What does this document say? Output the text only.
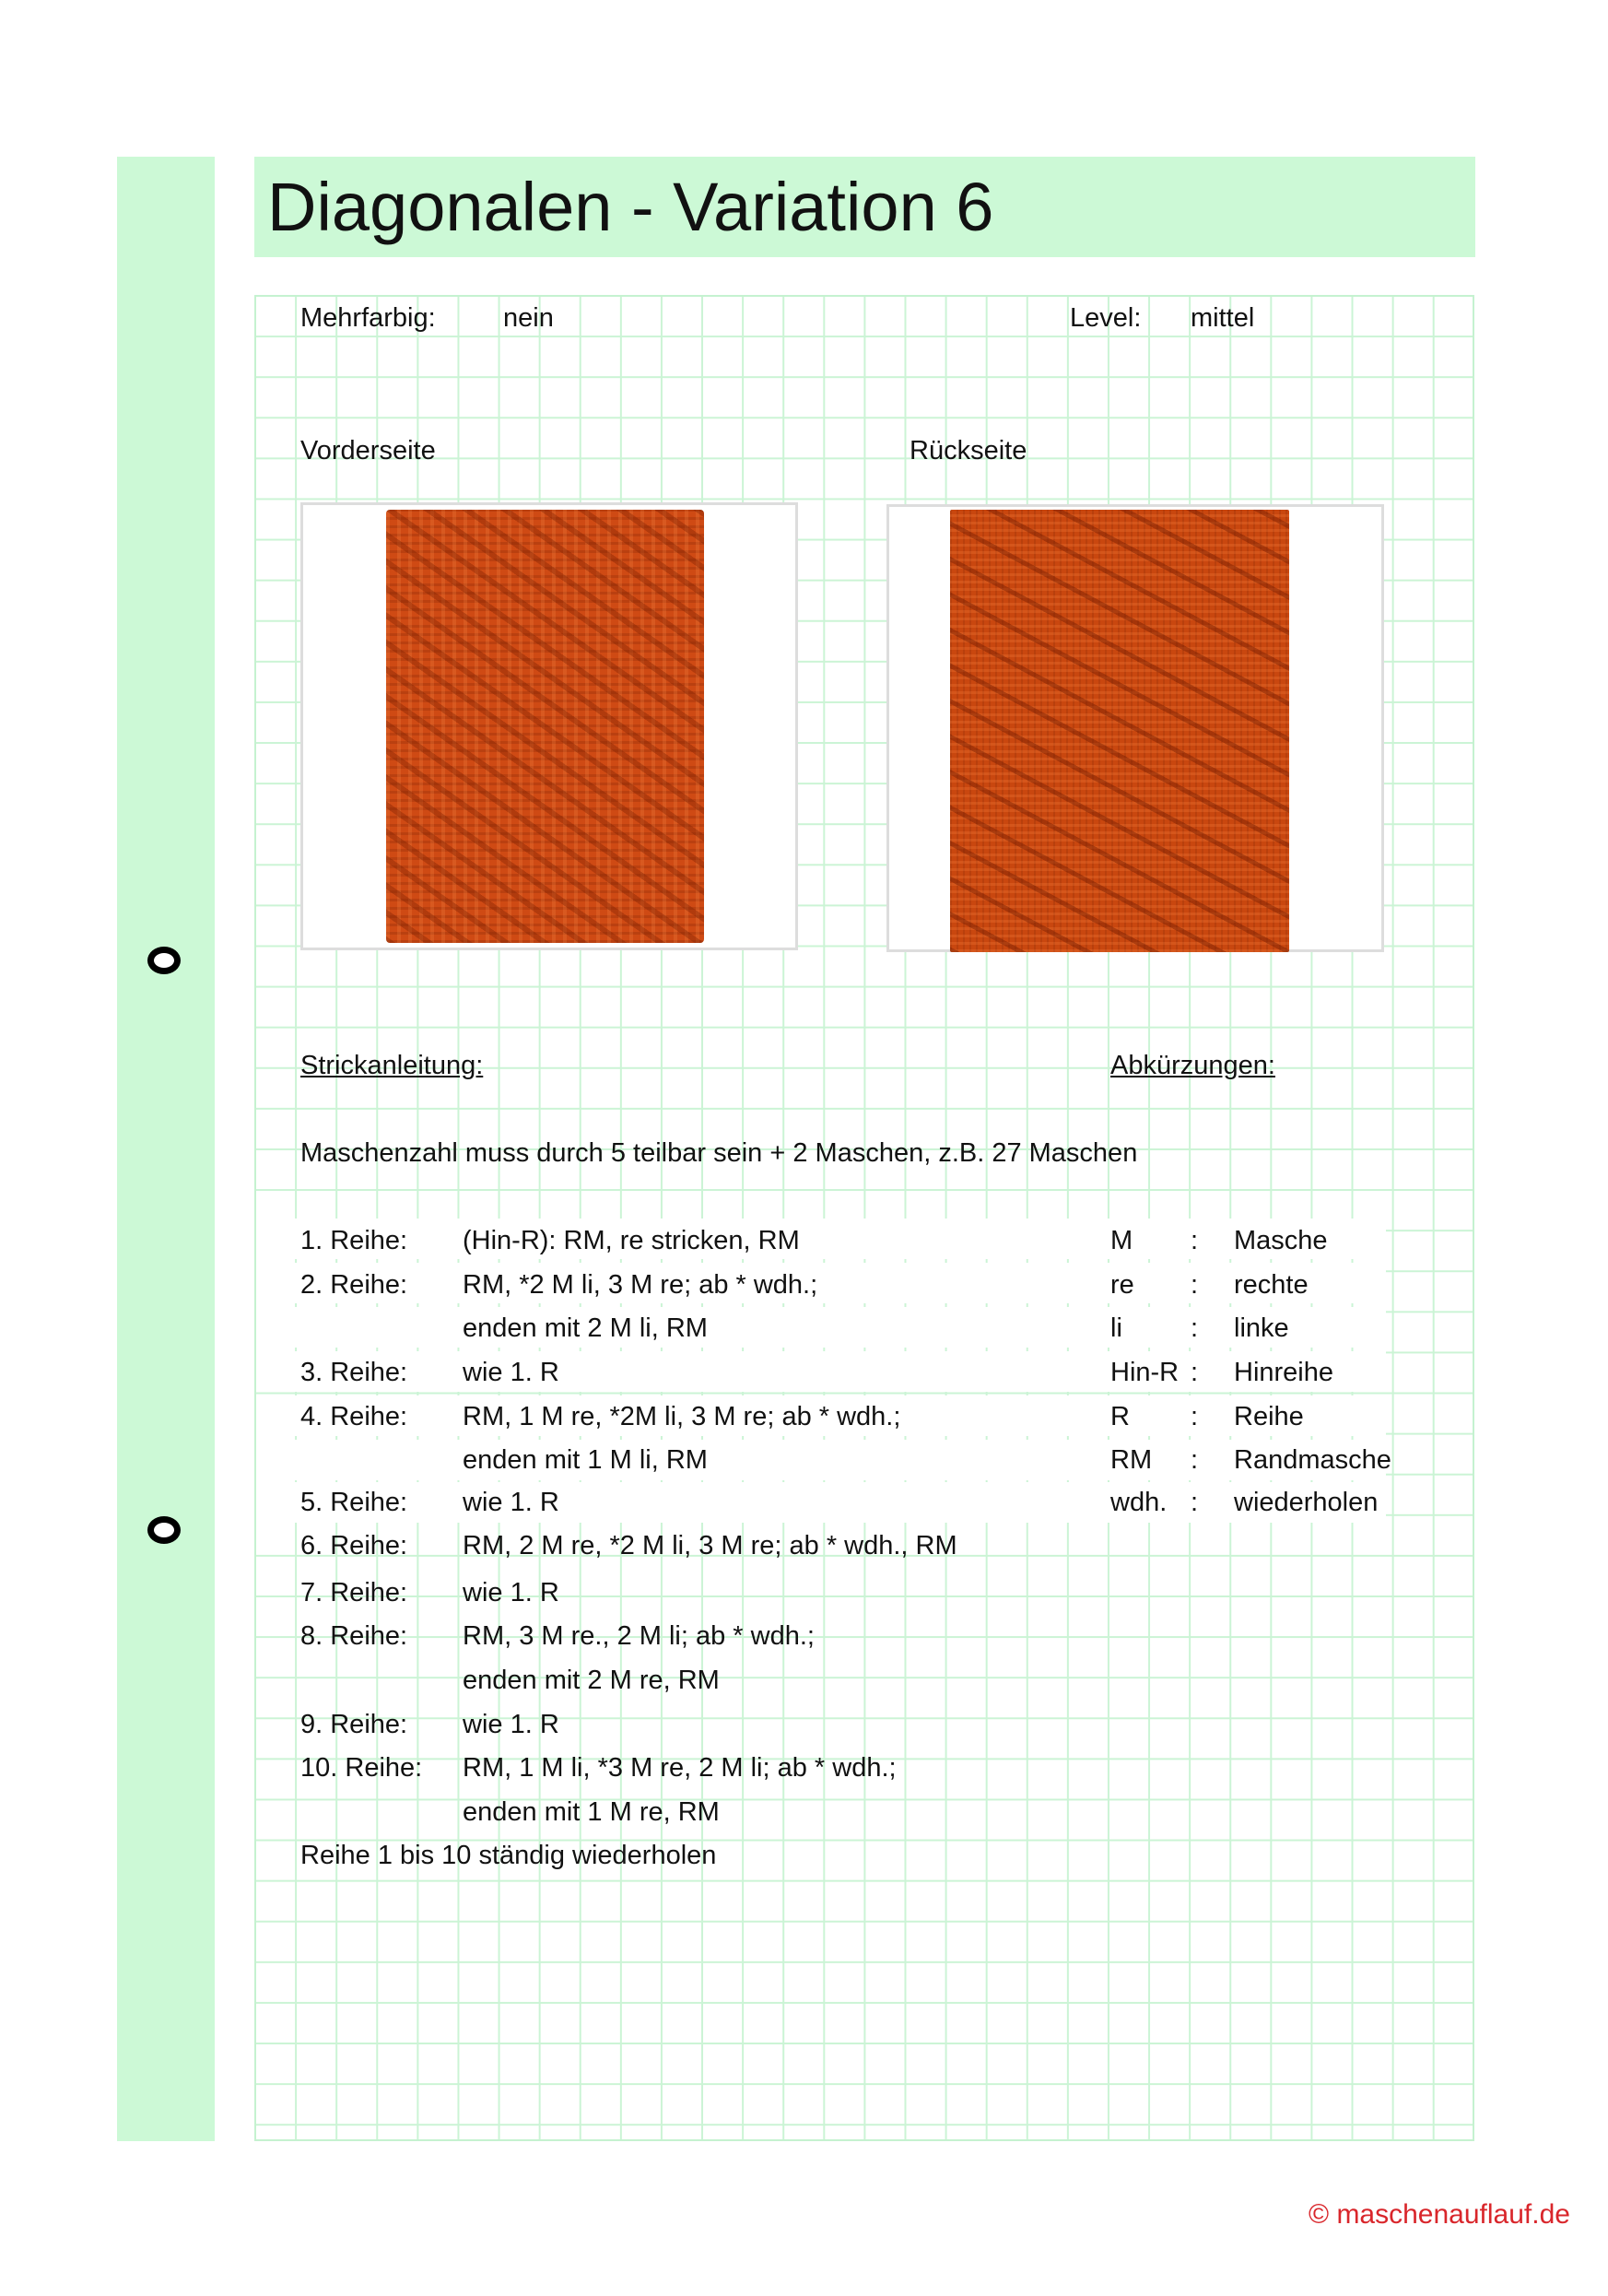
Diagonalen - Variation 6
Mehrfarbig:	nein	Level: mittel
Vorderseite	Rückseite
Strickanleitung:	Abkürzungen:
Maschenzahl muss durch 5 teilbar sein + 2 Maschen, z.B. 27 Maschen
1. Reihe: (Hin-R): RM, re stricken, RM
2. Reihe: RM, *2 M li, 3 M re; ab * wdh.;
enden mit 2 M li, RM
3. Reihe: wie 1. R
4. Reihe: RM, 1 M re, *2M li, 3 M re; ab * wdh.;
enden mit 1 M li, RM
5. Reihe: wie 1. R
6. Reihe: RM, 2 M re, *2 M li, 3 M re; ab * wdh., RM
7. Reihe: wie 1. R
8. Reihe: RM, 3 M re., 2 M li; ab * wdh.;
enden mit 2 M re, RM
9. Reihe: wie 1. R
10. Reihe: RM, 1 M li, *3 M re, 2 M li; ab * wdh.;
enden mit 1 M re, RM
Reihe 1 bis 10 ständig wiederholen
M : Masche
re : rechte
li	: linke
Hin-R : Hinreihe
R : Reihe
RM : Randmasche
wdh. : wiederholen
© maschenauflauf.de
